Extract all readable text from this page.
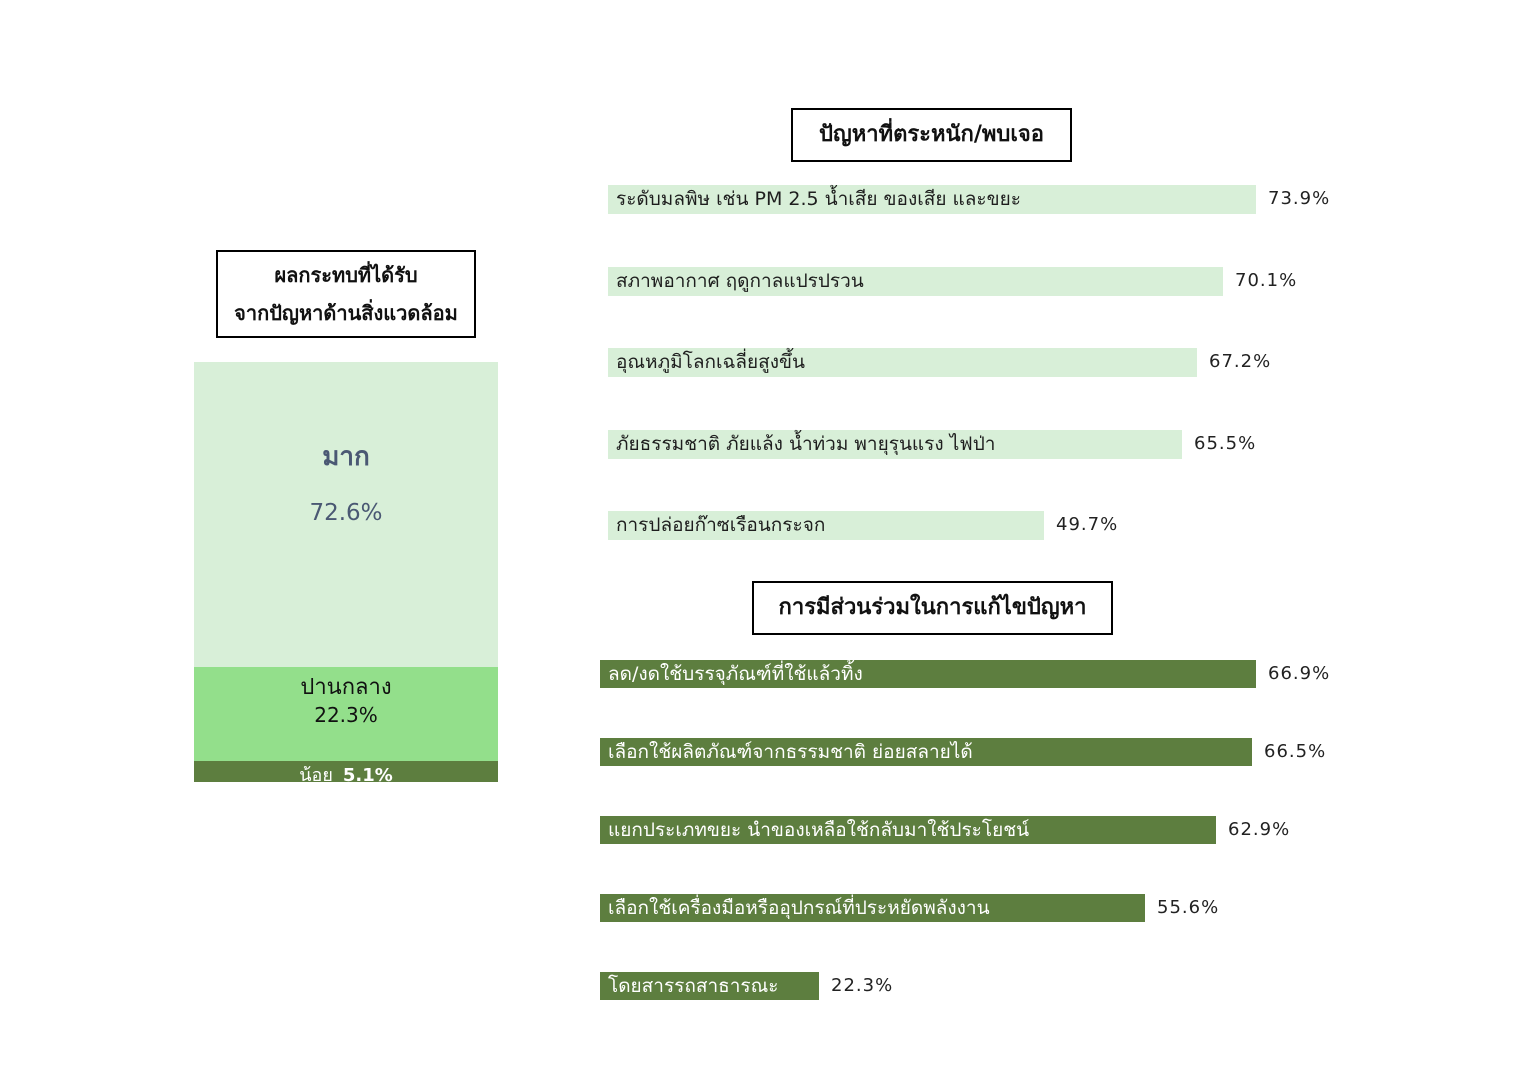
ผลกระทบที่ได้รับ
จากปัญหาด้านสิ่งแวดล้อม
มาก
72.6%
ปานกลาง
22.3%
น้อย 5.1%
ปัญหาที่ตระหนัก/พบเจอ
ระดับมลพิษ เช่น PM 2.5 น้ำเสีย ของเสีย และขยะ	73.9%
สภาพอากาศ ฤดูกาลแปรปรวน	70.1%
อุณหภูมิโลกเฉลี่ยสูงขึ้น	67.2%
ภัยธรรมชาติ ภัยแล้ง น้ำท่วม พายุรุนแรง ไฟป่า	65.5%
การปล่อยก๊าซเรือนกระจก	49.7%
การมีส่วนร่วมในการแก้ไขปัญหา
ลด/งดใช้บรรจุภัณฑ์ที่ใช้แล้วทิ้ง	66.9%
เลือกใช้ผลิตภัณฑ์จากธรรมชาติ ย่อยสลายได้	66.5%
แยกประเภทขยะ นำของเหลือใช้กลับมาใช้ประโยชน์	62.9%
เลือกใช้เครื่องมือหรืออุปกรณ์ที่ประหยัดพลังงาน	55.6%
โดยสารรถสาธารณะ	22.3%
